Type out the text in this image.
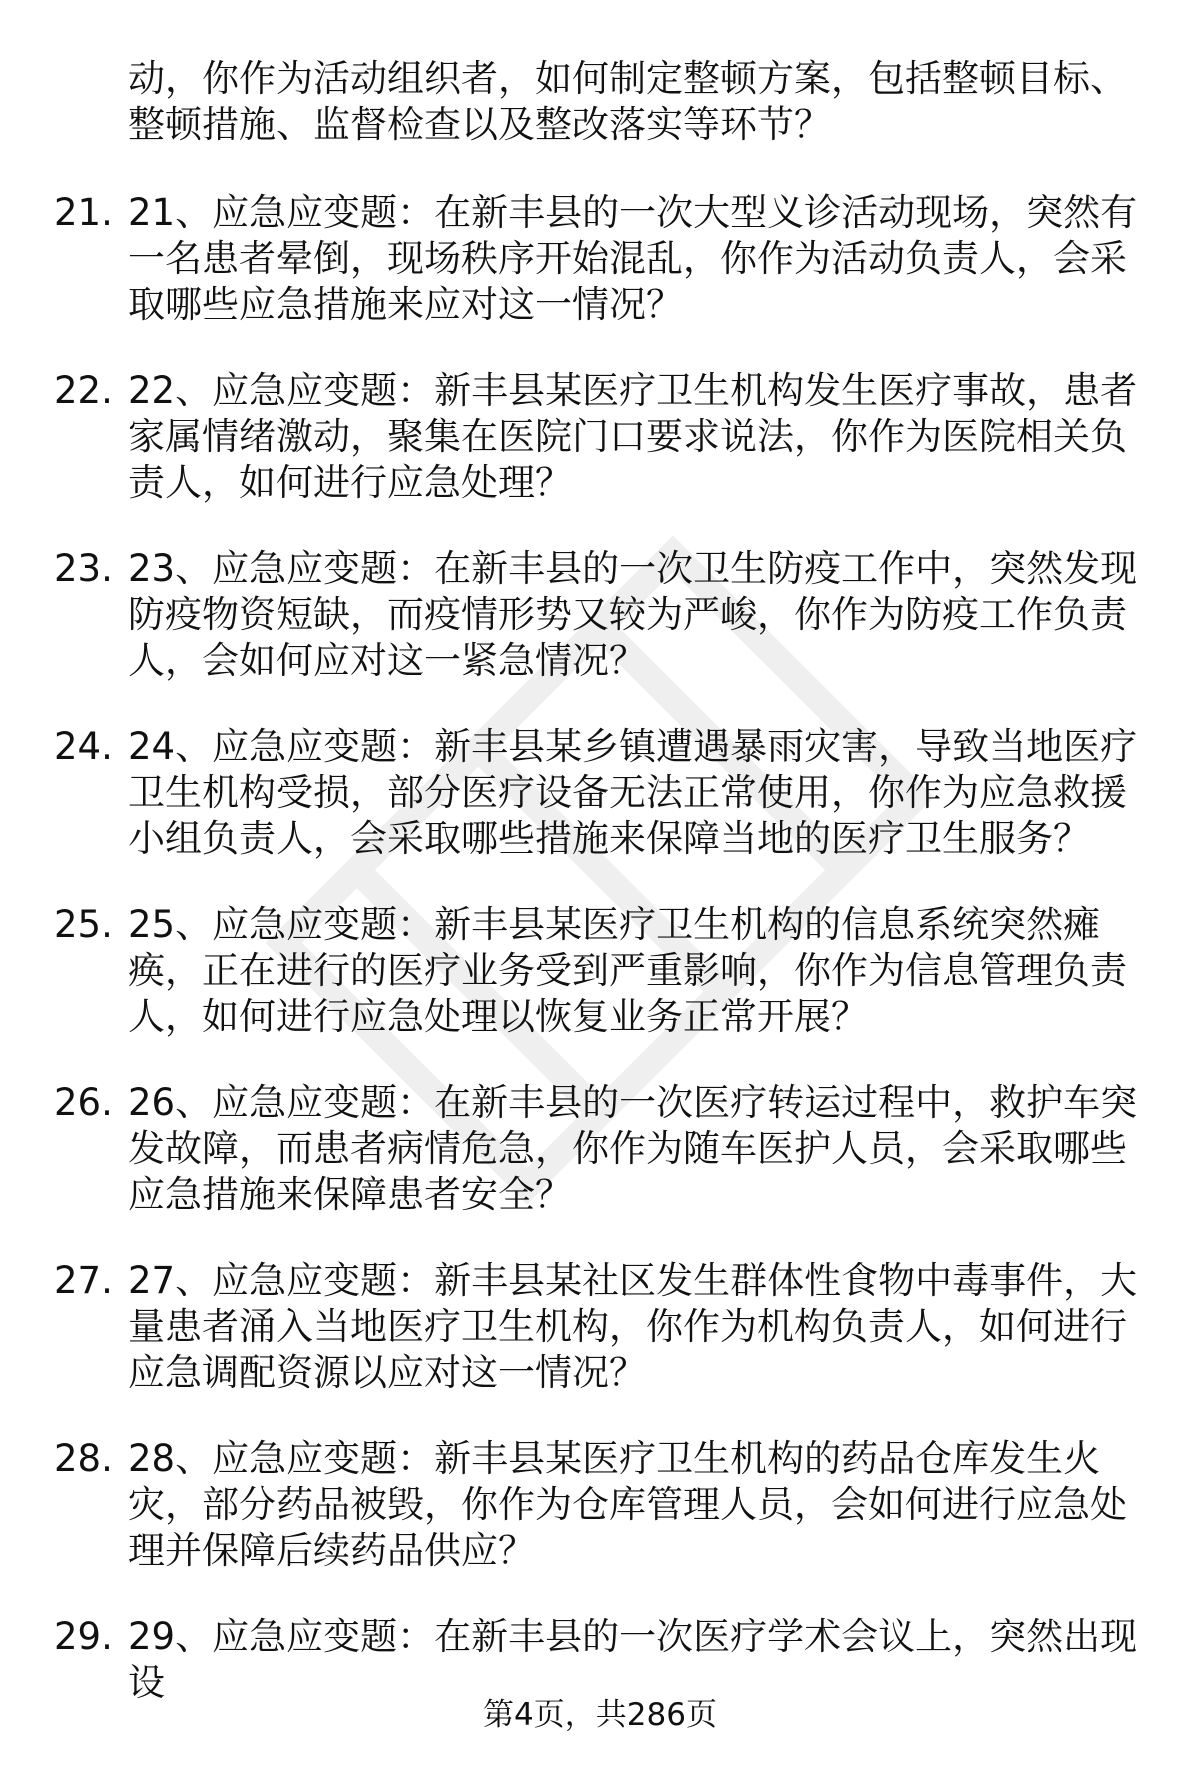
动，你作为活动组织者，如何制定整顿方案，包括整顿目标、整顿措施、监督检查以及整改落实等环节？
21. 21、应急应变题：在新丰县的一次大型义诊活动现场，突然有一名患者晕倒，现场秩序开始混乱，你作为活动负责人，会采取哪些应急措施来应对这一情况？
22. 22、应急应变题：新丰县某医疗卫生机构发生医疗事故，患者家属情绪激动，聚集在医院门口要求说法，你作为医院相关负责人，如何进行应急处理？
23. 23、应急应变题：在新丰县的一次卫生防疫工作中，突然发现防疫物资短缺，而疫情形势又较为严峻，你作为防疫工作负责人，会如何应对这一紧急情况？
24. 24、应急应变题：新丰县某乡镇遭遇暴雨灾害，导致当地医疗卫生机构受损，部分医疗设备无法正常使用，你作为应急救援小组负责人，会采取哪些措施来保障当地的医疗卫生服务？
25. 25、应急应变题：新丰县某医疗卫生机构的信息系统突然瘫痪，正在进行的医疗业务受到严重影响，你作为信息管理负责人，如何进行应急处理以恢复业务正常开展？
26. 26、应急应变题：在新丰县的一次医疗转运过程中，救护车突发故障，而患者病情危急，你作为随车医护人员，会采取哪些应急措施来保障患者安全？
27. 27、应急应变题：新丰县某社区发生群体性食物中毒事件，大量患者涌入当地医疗卫生机构，你作为机构负责人，如何进行应急调配资源以应对这一情况？
28. 28、应急应变题：新丰县某医疗卫生机构的药品仓库发生火灾，部分药品被毁，你作为仓库管理人员，会如何进行应急处理并保障后续药品供应？
29. 29、应急应变题：在新丰县的一次医疗学术会议上，突然出现设
第4页，共286页
